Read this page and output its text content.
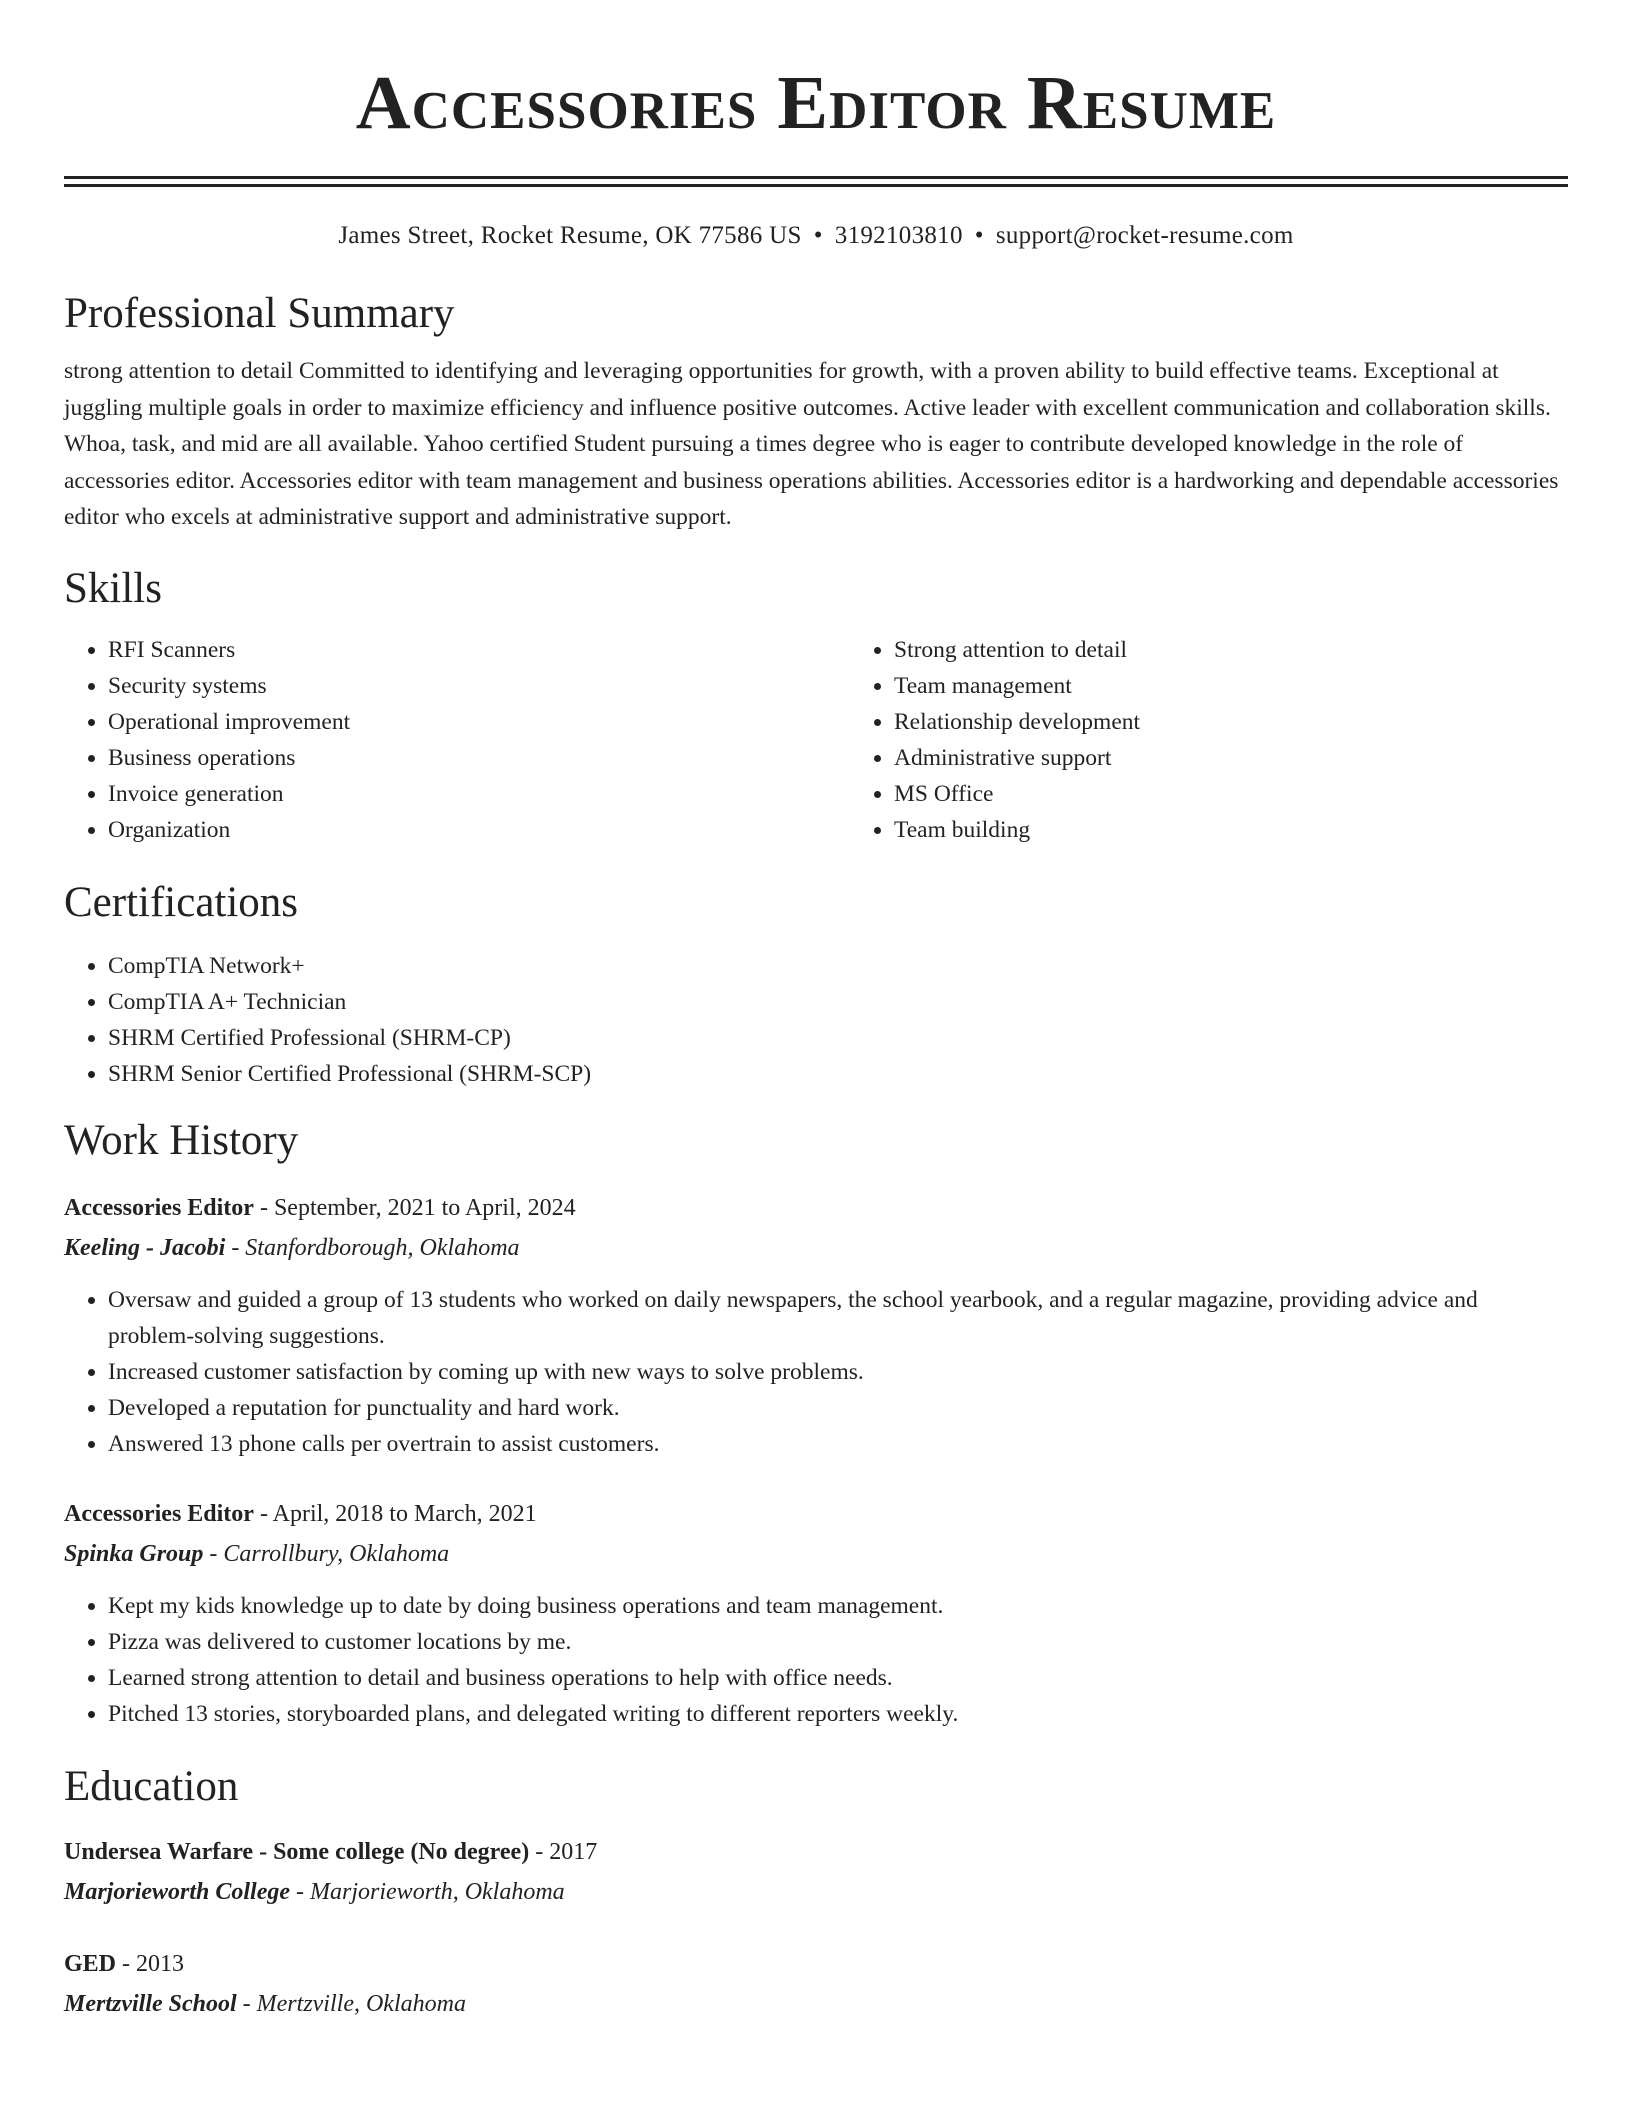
Accessories Editor Resume
James Street, Rocket Resume, OK 77586 US • 3192103810 • support@rocket-resume.com
Professional Summary
strong attention to detail Committed to identifying and leveraging opportunities for growth, with a proven ability to build effective teams. Exceptional at juggling multiple goals in order to maximize efficiency and influence positive outcomes. Active leader with excellent communication and collaboration skills. Whoa, task, and mid are all available. Yahoo certified Student pursuing a times degree who is eager to contribute developed knowledge in the role of accessories editor. Accessories editor with team management and business operations abilities. Accessories editor is a hardworking and dependable accessories editor who excels at administrative support and administrative support.
Skills
• RFI Scanners
• Security systems
• Operational improvement
• Business operations
• Invoice generation
• Organization
• Strong attention to detail
• Team management
• Relationship development
• Administrative support
• MS Office
• Team building
Certifications
• CompTIA Network+
• CompTIA A+ Technician
• SHRM Certified Professional (SHRM-CP)
• SHRM Senior Certified Professional (SHRM-SCP)
Work History
Accessories Editor - September, 2021 to April, 2024
Keeling - Jacobi - Stanfordborough, Oklahoma
• Oversaw and guided a group of 13 students who worked on daily newspapers, the school yearbook, and a regular magazine, providing advice and problem-solving suggestions.
• Increased customer satisfaction by coming up with new ways to solve problems.
• Developed a reputation for punctuality and hard work.
• Answered 13 phone calls per overtrain to assist customers.
Accessories Editor - April, 2018 to March, 2021
Spinka Group - Carrollbury, Oklahoma
• Kept my kids knowledge up to date by doing business operations and team management.
• Pizza was delivered to customer locations by me.
• Learned strong attention to detail and business operations to help with office needs.
• Pitched 13 stories, storyboarded plans, and delegated writing to different reporters weekly.
Education
Undersea Warfare - Some college (No degree) - 2017
Marjorieworth College - Marjorieworth, Oklahoma
GED - 2013
Mertzville School - Mertzville, Oklahoma
